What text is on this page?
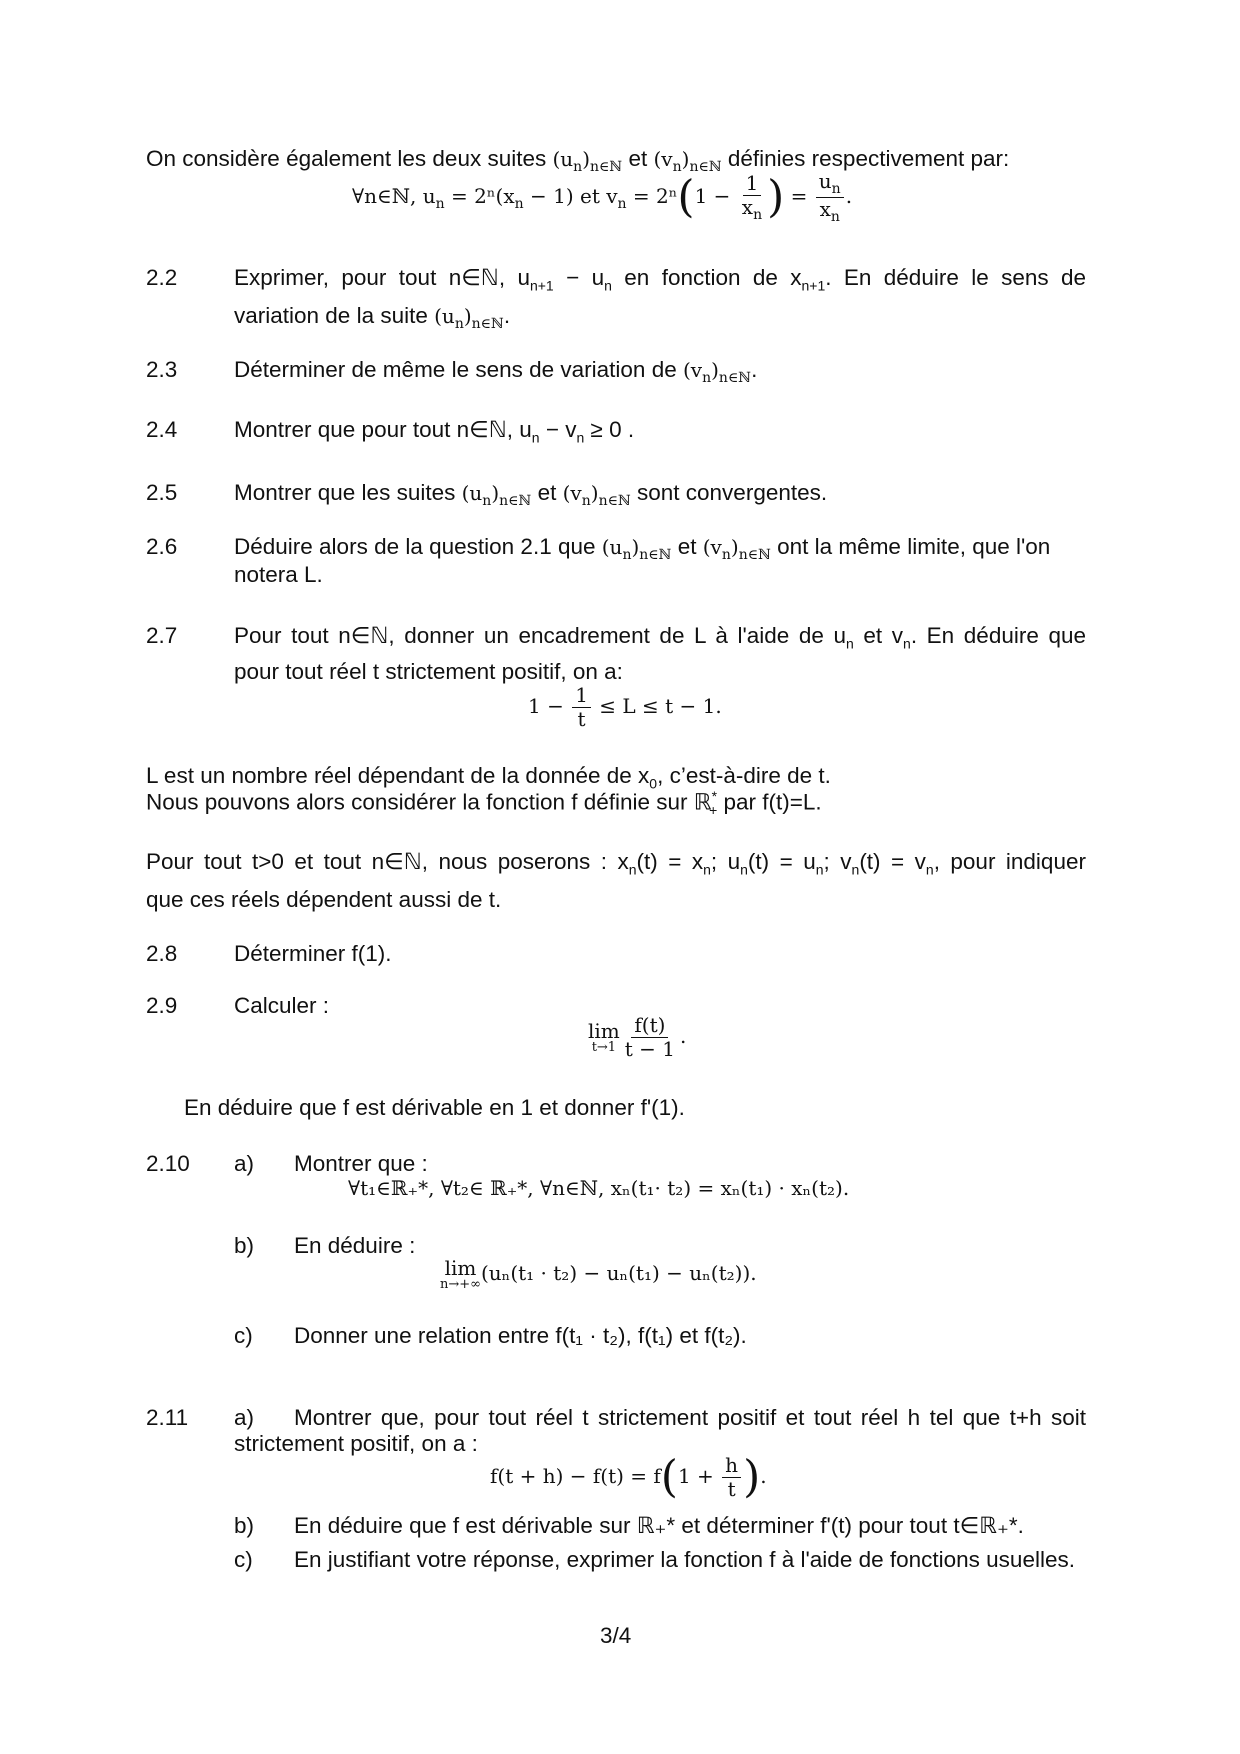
On considère également les deux suites $(u_n)_{n\in ℕ}$ et $(v_n)_{n\in ℕ}$ définies respectivement par:
∀n∈ℕ, $u_n = 2^n(x_n - 1)$ et $v_n = 2^n(1 - \frac{1}{x_n}$ ) = $\frac{u_n}{x_n}$ .
2.2	Exprimer, pour tout n∈ℕ, $u_{n+1} - u_n$ en fonction de $x_{n+1}$. En déduire le sens de
variation de la suite $(u_n)_{n\in ℕ}$.
2.3	Déterminer de même le sens de variation de $(v_n)_{n\in ℕ}$.
2.4	Montrer que pour tout n∈ℕ, $u_n - v_n \ge 0$ .
2.5	Montrer que les suites $(u_n)_{n\in ℕ}$ et $(v_n)_{n\in ℕ}$ sont convergentes.
2.6	Déduire alors de la question 2.1 que $(u_n)_{n\in ℕ}$ et $(v_n)_{n\in ℕ}$ ont la même limite, que l'on
notera L.
2.7	Pour tout n∈ℕ, donner un encadrement de L à l'aide de $u_n$ et $v_n$. En déduire que
pour tout réel t strictement positif, on a:
$1 - \frac{1}{t} \le L \le t - 1$.
L est un nombre réel dépendant de la donnée de $x_0$, c’est-à-dire de t.
Nous pouvons alors considérer la fonction f définie sur ℝ*$_+$ par f(t)=L.
Pour tout t>0 et tout n∈ℕ, nous poserons : $x_n(t) = x_n$; $u_n(t) = u_n$; $v_n(t) = v_n$, pour indiquer
que ces réels dépendent aussi de t.
2.8	Déterminer f(1).
2.9	Calculer :
lim
$t\to 1 \frac{f(t)}{t - 1}$ .
En déduire que f est dérivable en 1 et donner f'(1).
2.10 a) Montrer que :
∀t₁∈ℝ₊*, ∀t₂∈ ℝ₊*, ∀n∈ℕ, xₙ(t₁· t₂) = xₙ(t₁) · xₙ(t₂).
b) En déduire :
lim
n→+∞ (uₙ(t₁ · t₂) − uₙ(t₁) − uₙ(t₂)).
c) Donner une relation entre f(t₁ · t₂), f(t₁) et f(t₂).
2.11 a) Montrer que, pour tout réel t strictement positif et tout réel h tel que t+h soit
strictement positif, on a :
$f(t + h) - f(t) = f(1 + \frac{h}{t}$ ).
b) En déduire que f est dérivable sur ℝ₊* et déterminer f'(t) pour tout t∈ℝ₊*.
c) En justifiant votre réponse, exprimer la fonction f à l'aide de fonctions usuelles.
3/4
